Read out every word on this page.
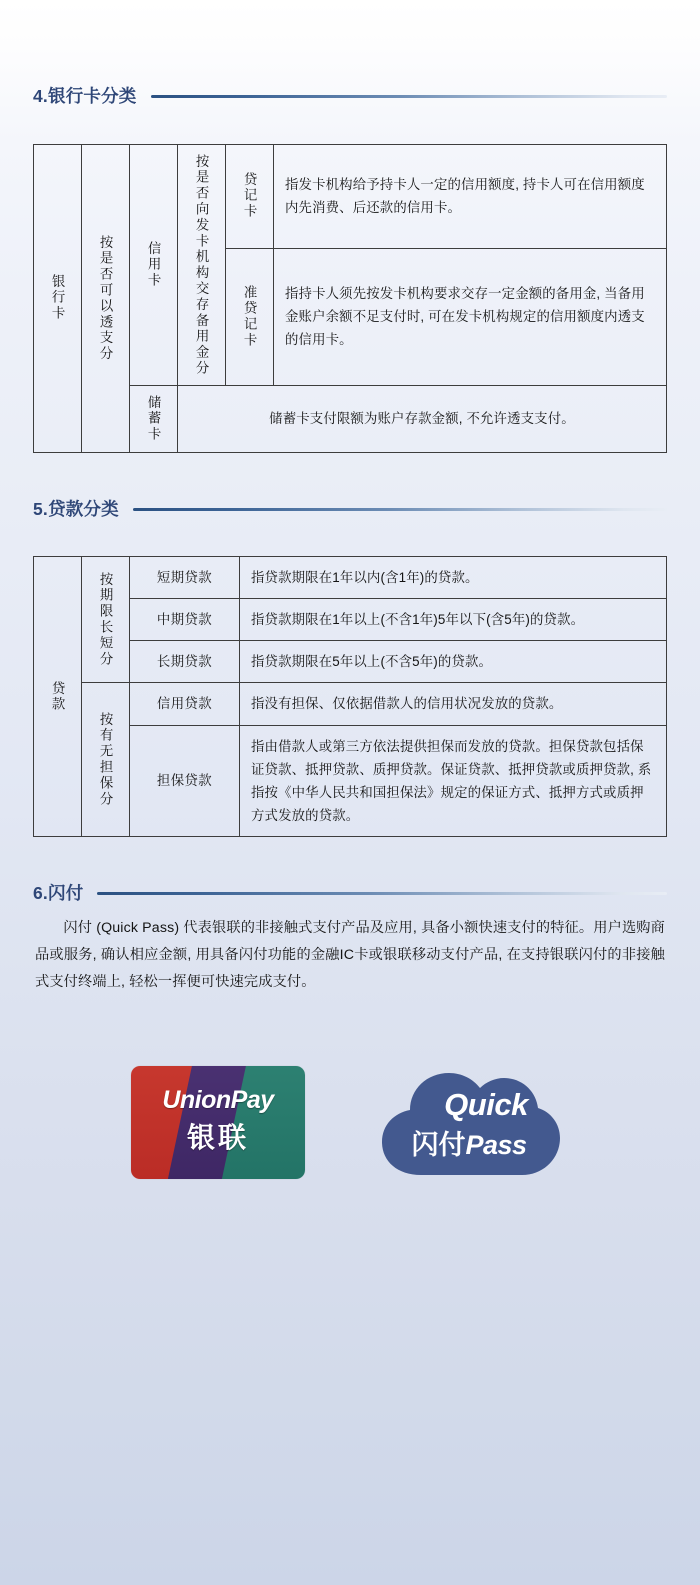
4.银行卡分类
银行卡	按是否可以透支分	信用卡	按是否向发卡机构交存备用金分	贷记卡	指发卡机构给予持卡人一定的信用额度, 持卡人可在信用额度内先消费、后还款的信用卡。
				准贷记卡	指持卡人须先按发卡机构要求交存一定金额的备用金, 当备用金账户余额不足支付时, 可在发卡机构规定的信用额度内透支的信用卡。
		储蓄卡	储蓄卡支付限额为账户存款金额, 不允许透支支付。		
5.贷款分类
贷款	按期限长短分	短期贷款	指贷款期限在1年以内(含1年)的贷款。
		中期贷款	指贷款期限在1年以上(不含1年)5年以下(含5年)的贷款。
		长期贷款	指贷款期限在5年以上(不含5年)的贷款。
	按有无担保分	信用贷款	指没有担保、仅依据借款人的信用状况发放的贷款。
		担保贷款	指由借款人或第三方依法提供担保而发放的贷款。担保贷款包括保证贷款、抵押贷款、质押贷款。保证贷款、抵押贷款或质押贷款, 系指按《中华人民共和国担保法》规定的保证方式、抵押方式或质押方式发放的贷款。
6.闪付

闪付 (Quick Pass) 代表银联的非接触式支付产品及应用, 具备小额快速支付的特征。用户选购商品或服务, 确认相应金额, 用具备闪付功能的金融IC卡或银联移动支付产品, 在支持银联闪付的非接触式支付终端上, 轻松一挥便可快速完成支付。

UnionPay
银联
Quick
闪付Pass
